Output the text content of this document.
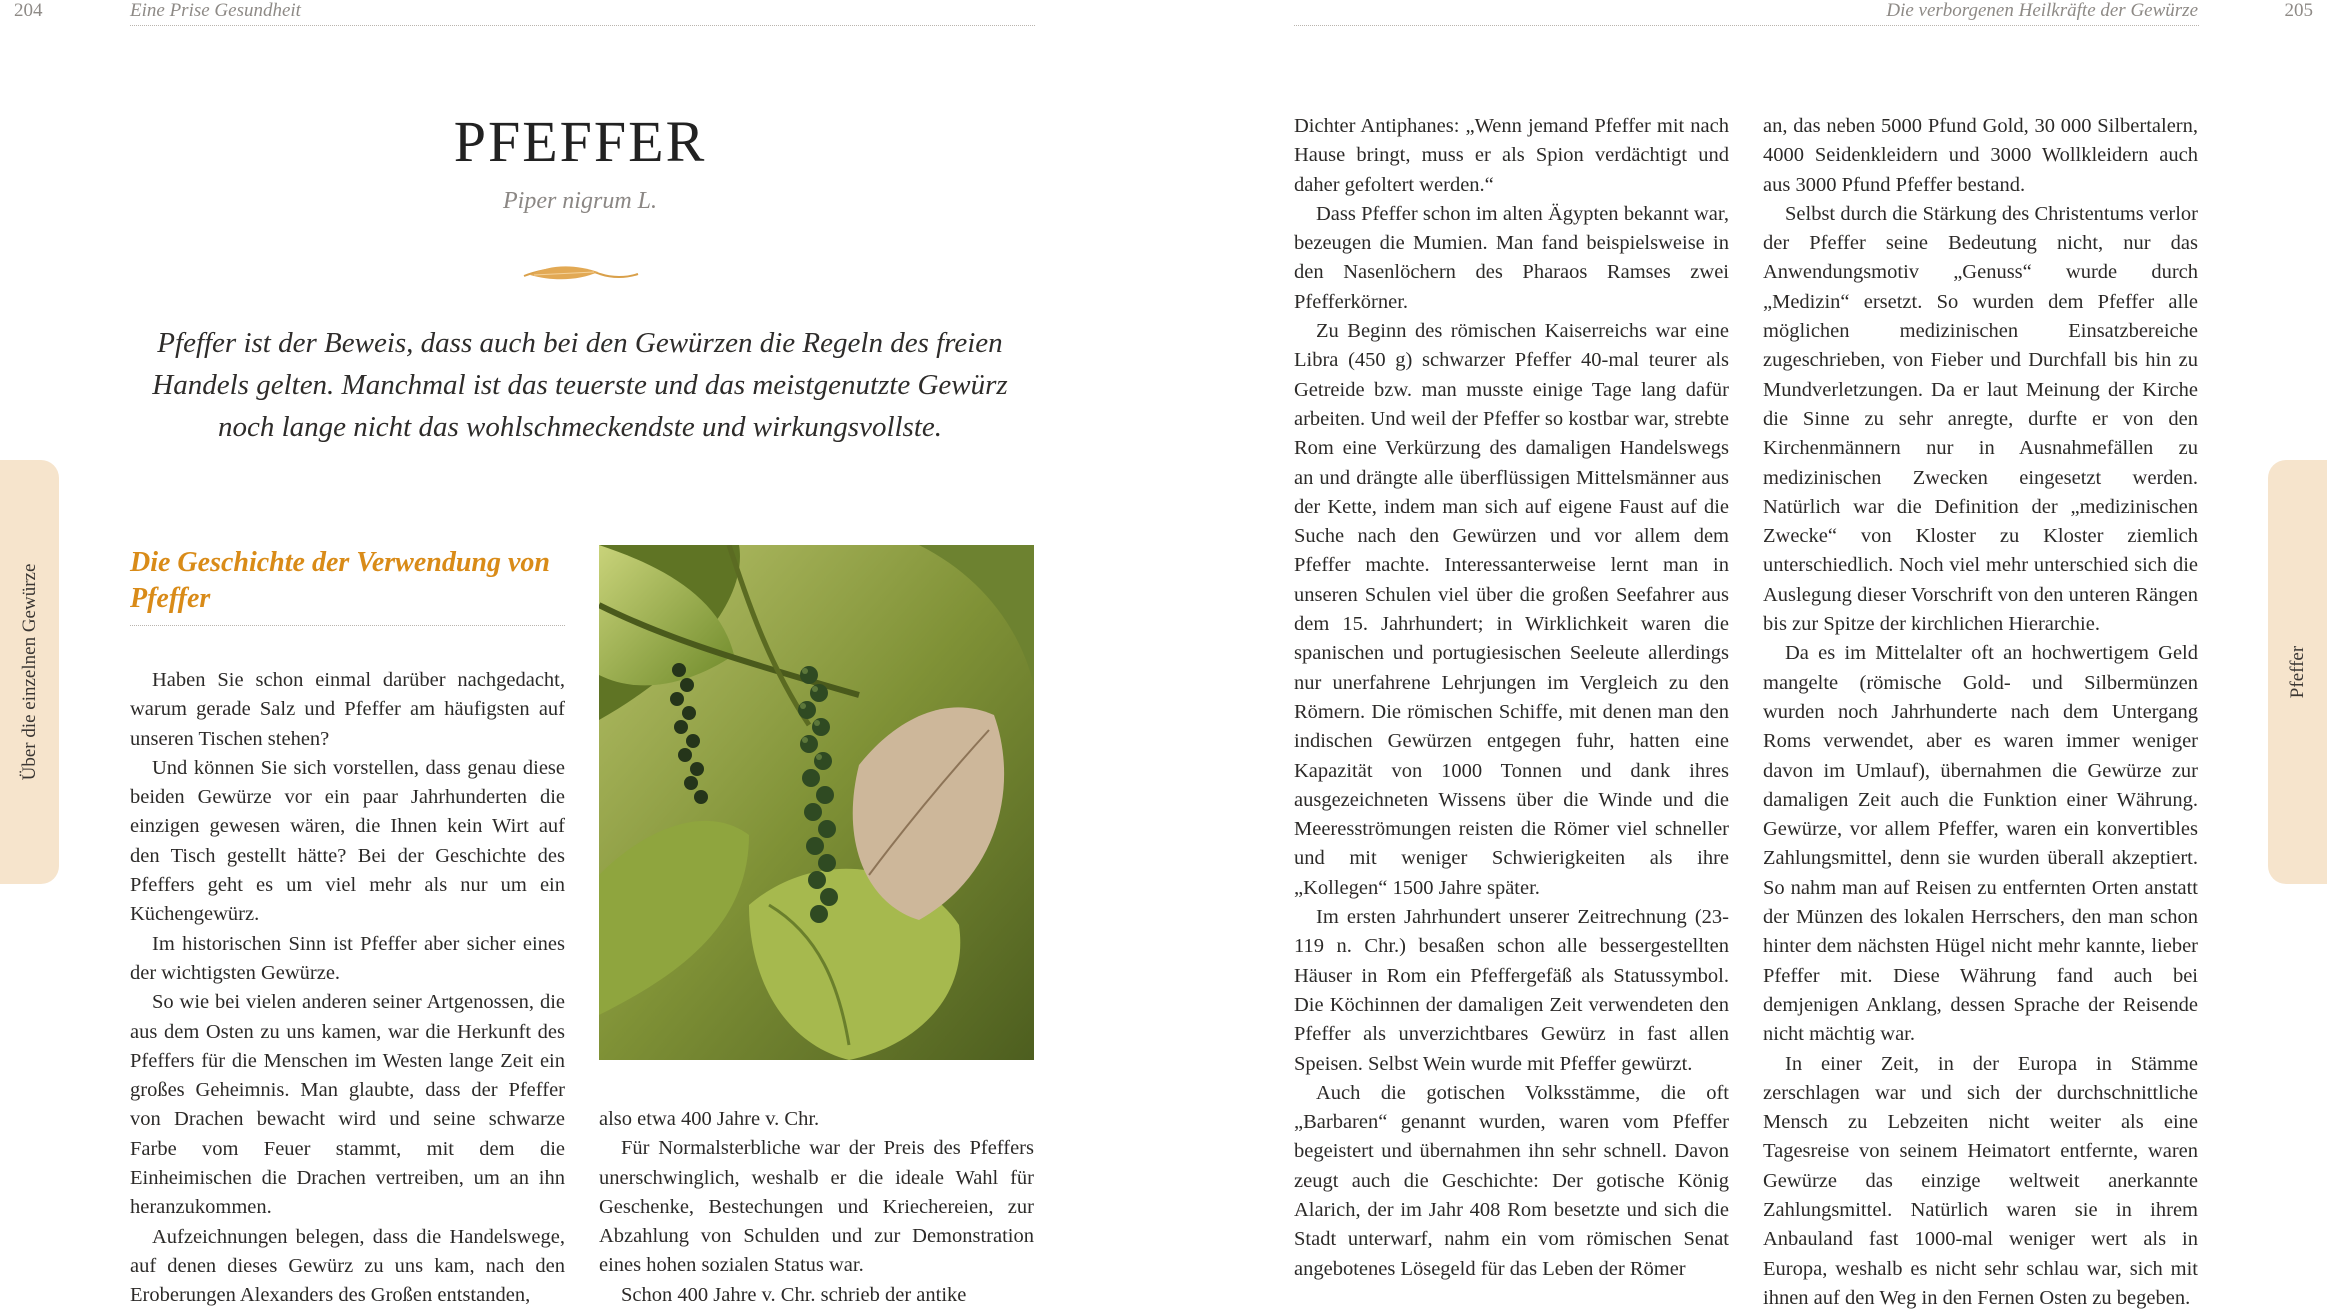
204	Eine Prise Gesundheit
Über die einzelnen Gewürze
PFEFFER
Piper nigrum L.
Pfeffer ist der Beweis, dass auch bei den Gewürzen die Regeln des freien Handels gelten. Manchmal ist das teuerste und das meistgenutzte Gewürz noch lange nicht das wohlschmeckendste und wirkungsvollste.
Die Geschichte der Verwendung von Pfeffer

Haben Sie schon einmal darüber nachgedacht, warum gerade Salz und Pfeffer am häufigsten auf unseren Tischen stehen?

Und können Sie sich vorstellen, dass genau diese beiden Gewürze vor ein paar Jahrhunderten die einzigen gewesen wären, die Ihnen kein Wirt auf den Tisch gestellt hätte? Bei der Geschichte des Pfeffers geht es um viel mehr als nur um ein Küchengewürz.

Im historischen Sinn ist Pfeffer aber sicher eines der wichtigsten Gewürze.

So wie bei vielen anderen seiner Artgenossen, die aus dem Osten zu uns kamen, war die Herkunft des Pfeffers für die Menschen im Westen lange Zeit ein großes Geheimnis. Man glaubte, dass der Pfeffer von Drachen bewacht wird und seine schwarze Farbe vom Feuer stammt, mit dem die Einheimischen die Drachen vertreiben, um an ihn heranzukommen.

Aufzeichnungen belegen, dass die Handelswege, auf denen dieses Gewürz zu uns kam, nach den Eroberungen Alexanders des Großen entstanden,

also etwa 400 Jahre v. Chr.

Für Normalsterbliche war der Preis des Pfeffers unerschwinglich, weshalb er die ideale Wahl für Geschenke, Bestechungen und Kriechereien, zur Abzahlung von Schulden und zur Demonstration eines hohen sozialen Status war.

Schon 400 Jahre v. Chr. schrieb der antike

Die verborgenen Heilkräfte der Gewürze	205

Dichter Antiphanes: „Wenn jemand Pfeffer mit nach Hause bringt, muss er als Spion verdächtigt und daher gefoltert werden.“

Dass Pfeffer schon im alten Ägypten bekannt war, bezeugen die Mumien. Man fand beispielsweise in den Nasenlöchern des Pharaos Ramses zwei Pfefferkörner.

Zu Beginn des römischen Kaiserreichs war eine Libra (450 g) schwarzer Pfeffer 40-mal teurer als Getreide bzw. man musste einige Tage lang dafür arbeiten. Und weil der Pfeffer so kostbar war, strebte Rom eine Verkürzung des damaligen Handelswegs an und drängte alle überflüssigen Mittelsmänner aus der Kette, indem man sich auf eigene Faust auf die Suche nach den Gewürzen und vor allem dem Pfeffer machte. Interessanterweise lernt man in unseren Schulen viel über die großen Seefahrer aus dem 15. Jahrhundert; in Wirklichkeit waren die spanischen und portugiesischen Seeleute allerdings nur unerfahrene Lehrjungen im Vergleich zu den Römern. Die römischen Schiffe, mit denen man den indischen Gewürzen entgegen fuhr, hatten eine Kapazität von 1000 Tonnen und dank ihres ausgezeichneten Wissens über die Winde und die Meeresströmungen reisten die Römer viel schneller und mit weniger Schwierigkeiten als ihre „Kollegen“ 1500 Jahre später.

Im ersten Jahrhundert unserer Zeitrechnung (23-119 n. Chr.) besaßen schon alle bessergestellten Häuser in Rom ein Pfeffergefäß als Statussymbol. Die Köchinnen der damaligen Zeit verwendeten den Pfeffer als unverzichtbares Gewürz in fast allen Speisen. Selbst Wein wurde mit Pfeffer gewürzt.

Auch die gotischen Volksstämme, die oft „Barbaren“ genannt wurden, waren vom Pfeffer begeistert und übernahmen ihn sehr schnell. Davon zeugt auch die Geschichte: Der gotische König Alarich, der im Jahr 408 Rom besetzte und sich die Stadt unterwarf, nahm ein vom römischen Senat angebotenes Lösegeld für das Leben der Römer

an, das neben 5000 Pfund Gold, 30 000 Silbertalern, 4000 Seidenkleidern und 3000 Wollkleidern auch aus 3000 Pfund Pfeffer bestand.

Selbst durch die Stärkung des Christentums verlor der Pfeffer seine Bedeutung nicht, nur das Anwendungsmotiv „Genuss“ wurde durch „Medizin“ ersetzt. So wurden dem Pfeffer alle möglichen medizinischen Einsatzbereiche zugeschrieben, von Fieber und Durchfall bis hin zu Mundverletzungen. Da er laut Meinung der Kirche die Sinne zu sehr anregte, durfte er von den Kirchenmännern nur in Ausnahmefällen zu medizinischen Zwecken eingesetzt werden. Natürlich war die Definition der „medizinischen Zwecke“ von Kloster zu Kloster ziemlich unterschiedlich. Noch viel mehr unterschied sich die Auslegung dieser Vorschrift von den unteren Rängen bis zur Spitze der kirchlichen Hierarchie.

Da es im Mittelalter oft an hochwertigem Geld mangelte (römische Gold- und Silbermünzen wurden noch Jahrhunderte nach dem Untergang Roms verwendet, aber es waren immer weniger davon im Umlauf), übernahmen die Gewürze zur damaligen Zeit auch die Funktion einer Währung. Gewürze, vor allem Pfeffer, waren ein konvertibles Zahlungsmittel, denn sie wurden überall akzeptiert. So nahm man auf Reisen zu entfernten Orten anstatt der Münzen des lokalen Herrschers, den man schon hinter dem nächsten Hügel nicht mehr kannte, lieber Pfeffer mit. Diese Währung fand auch bei demjenigen Anklang, dessen Sprache der Reisende nicht mächtig war.

In einer Zeit, in der Europa in Stämme zerschlagen war und sich der durchschnittliche Mensch zu Lebzeiten nicht weiter als eine Tagesreise von seinem Heimatort entfernte, waren Gewürze das einzige weltweit anerkannte Zahlungsmittel. Natürlich waren sie in ihrem Anbauland fast 1000-mal weniger wert als in Europa, weshalb es nicht sehr schlau war, sich mit ihnen auf den Weg in den Fernen Osten zu begeben.

Pfeffer
